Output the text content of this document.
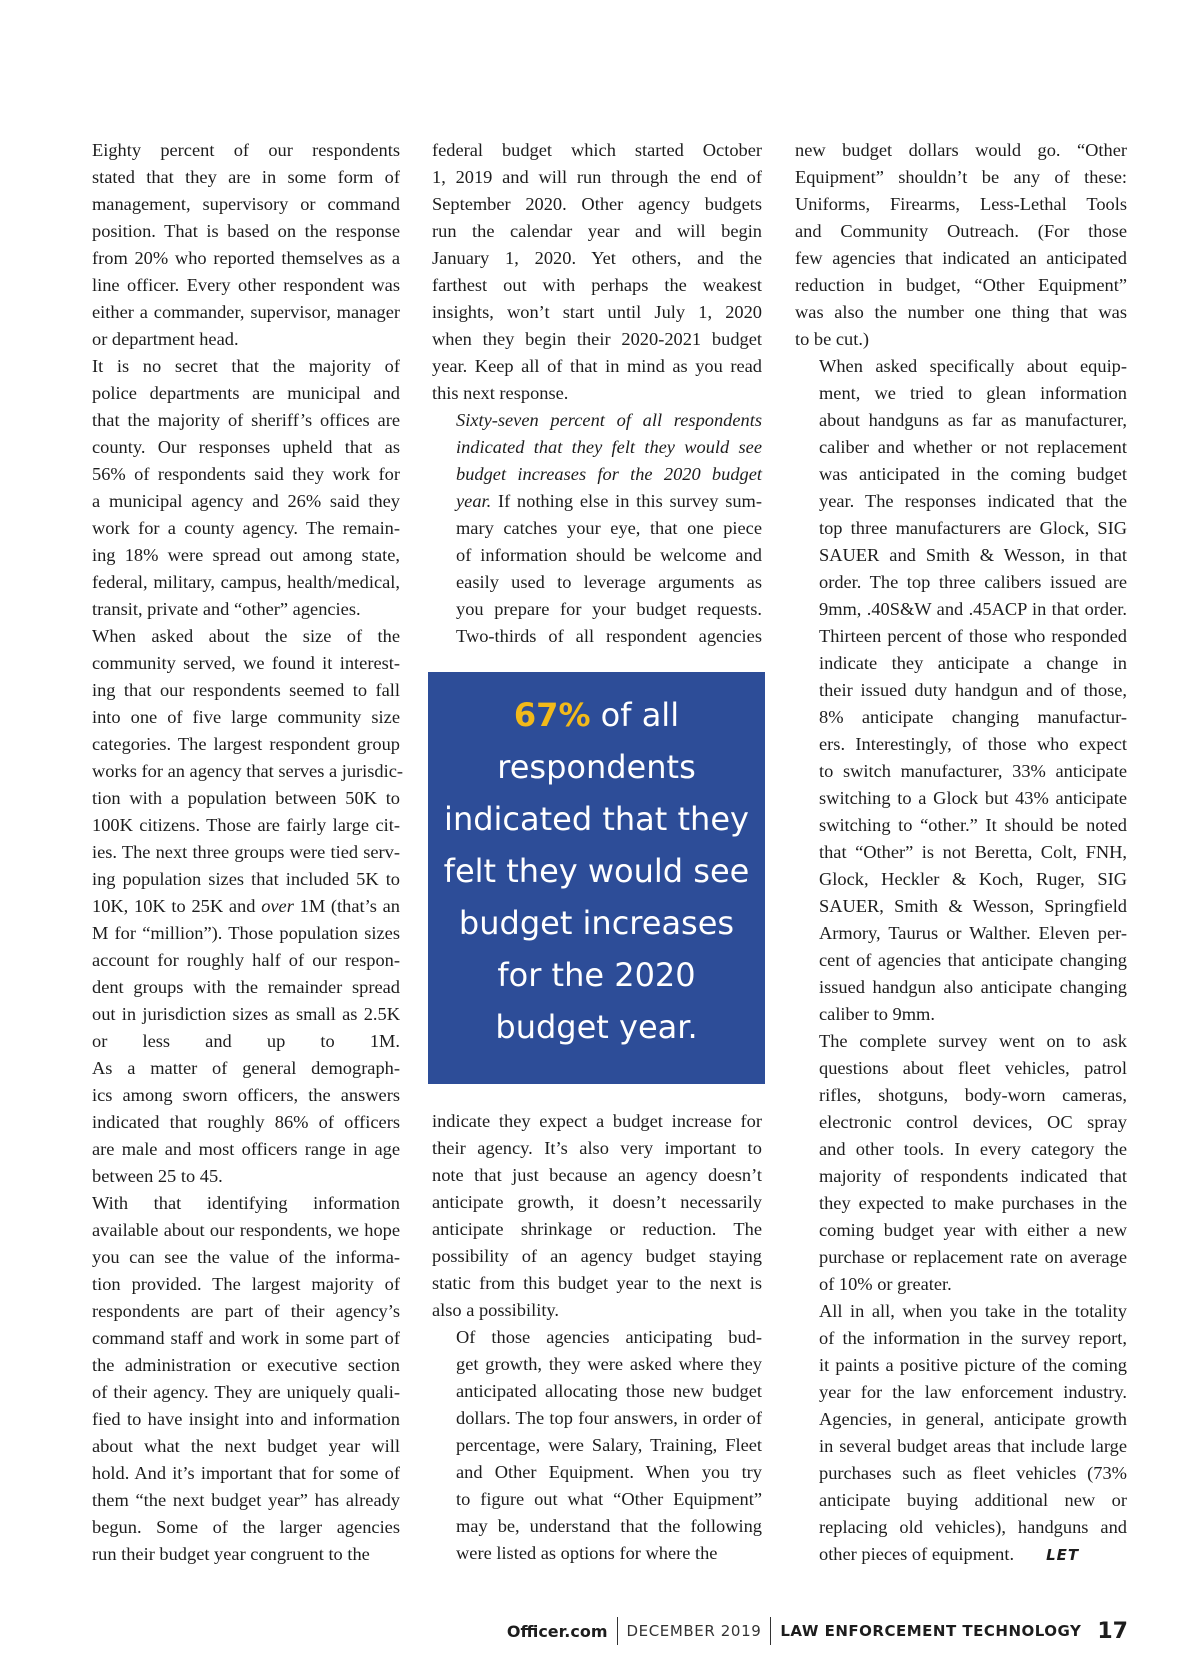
Eighty percent of our respondents
stated that they are in some form of
management, supervisory or command
position. That is based on the response
from 20% who reported themselves as a
line officer. Every other respondent was
either a commander, supervisor, manager
or department head.

It is no secret that the majority of
police departments are municipal and
that the majority of sheriff’s offices are
county. Our responses upheld that as
56% of respondents said they work for
a municipal agency and 26% said they
work for a county agency. The remain-
ing 18% were spread out among state,
federal, military, campus, health/medical,
transit, private and “other” agencies.

When asked about the size of the
community served, we found it interest-
ing that our respondents seemed to fall
into one of five large community size
categories. The largest respondent group
works for an agency that serves a jurisdic-
tion with a population between 50K to
100K citizens. Those are fairly large cit-
ies. The next three groups were tied serv-
ing population sizes that included 5K to
10K, 10K to 25K and over 1M (that’s an
M for “million”). Those population sizes
account for roughly half of our respon-
dent groups with the remainder spread
out in jurisdiction sizes as small as 2.5K
or less and up to 1M.

As a matter of general demograph-
ics among sworn officers, the answers
indicated that roughly 86% of officers
are male and most officers range in age
between 25 to 45.

With that identifying information
available about our respondents, we hope
you can see the value of the informa-
tion provided. The largest majority of
respondents are part of their agency’s
command staff and work in some part of
the administration or executive section
of their agency. They are uniquely quali-
fied to have insight into and information
about what the next budget year will
hold. And it’s important that for some of
them “the next budget year” has already
begun. Some of the larger agencies
run their budget year congruent to the

federal budget which started October
1, 2019 and will run through the end of
September 2020. Other agency budgets
run the calendar year and will begin
January 1, 2020. Yet others, and the
farthest out with perhaps the weakest
insights, won’t start until July 1, 2020
when they begin their 2020-2021 budget
year. Keep all of that in mind as you read
this next response.

Sixty-seven percent of all respondents
indicated that they felt they would see
budget increases for the 2020 budget
year. If nothing else in this survey sum-
mary catches your eye, that one piece
of information should be welcome and
easily used to leverage arguments as
you prepare for your budget requests.
Two-thirds of all respondent agencies

67% of all
respondents
indicated that they
felt they would see
budget increases
for the 2020
budget year.

indicate they expect a budget increase for
their agency. It’s also very important to
note that just because an agency doesn’t
anticipate growth, it doesn’t necessarily
anticipate shrinkage or reduction. The
possibility of an agency budget staying
static from this budget year to the next is
also a possibility.

Of those agencies anticipating bud-
get growth, they were asked where they
anticipated allocating those new budget
dollars. The top four answers, in order of
percentage, were Salary, Training, Fleet
and Other Equipment. When you try
to figure out what “Other Equipment”
may be, understand that the following
were listed as options for where the

new budget dollars would go. “Other
Equipment” shouldn’t be any of these:
Uniforms, Firearms, Less-Lethal Tools
and Community Outreach. (For those
few agencies that indicated an anticipated
reduction in budget, “Other Equipment”
was also the number one thing that was
to be cut.)

When asked specifically about equip-
ment, we tried to glean information
about handguns as far as manufacturer,
caliber and whether or not replacement
was anticipated in the coming budget
year. The responses indicated that the
top three manufacturers are Glock, SIG
SAUER and Smith & Wesson, in that
order. The top three calibers issued are
9mm, .40S&W and .45ACP in that order.
Thirteen percent of those who responded
indicate they anticipate a change in
their issued duty handgun and of those,
8% anticipate changing manufactur-
ers. Interestingly, of those who expect
to switch manufacturer, 33% anticipate
switching to a Glock but 43% anticipate
switching to “other.” It should be noted
that “Other” is not Beretta, Colt, FNH,
Glock, Heckler & Koch, Ruger, SIG
SAUER, Smith & Wesson, Springfield
Armory, Taurus or Walther. Eleven per-
cent of agencies that anticipate changing
issued handgun also anticipate changing
caliber to 9mm.

The complete survey went on to ask
questions about fleet vehicles, patrol
rifles, shotguns, body-worn cameras,
electronic control devices, OC spray
and other tools. In every category the
majority of respondents indicated that
they expected to make purchases in the
coming budget year with either a new
purchase or replacement rate on average
of 10% or greater.

All in all, when you take in the totality
of the information in the survey report,
it paints a positive picture of the coming
year for the law enforcement industry.
Agencies, in general, anticipate growth
in several budget areas that include large
purchases such as fleet vehicles (73%
anticipate buying additional new or
replacing old vehicles), handguns and
other pieces of equipment. LET

Officer.com DECEMBER 2019 LAW ENFORCEMENT TECHNOLOGY 17
